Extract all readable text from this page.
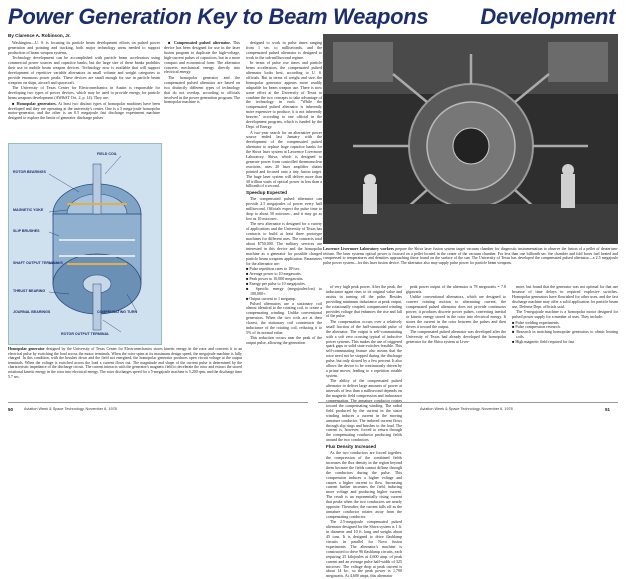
Power Generation Key to Beam Weapons Development
By Clarence A. Robinson, Jr.

Washington—U. S. is focusing its particle beam development efforts on pulsed power generation and pointing and tracking, both major technology areas needed to support production of beam weapon systems.

Technology development can be accomplished with particle beam accelerators using commercial power sources and capacitor banks, but the large size of these banks prohibits their use in mobile beam weapon devices. Technology now is available that will support development of repetitive variable alternators in small volume and weight categories to provide enormous power peaks. These devices are small enough for use in particle beam weapons on ships, aircraft and spacecraft.

The University of Texas Center for Electromechanics in Austin is responsible for developing two types of power devices, which may be used to provide energy for particle beam weapons development (AW&ST Oct. 2, p. 14). They are:

■ Homopolar generators. At least two distinct types of homopolar machines have been developed and they are operating at the university's center. One is a 5 mega-joule homopolar motor-generator, and the other is an 0.5 megajoule fast discharge experiment machine designed to explore the limits of generator discharge pulses

■ Compensated pulsed alternator. This device has been designed for use in the laser fusion program to duplicate the high-voltage, high-current pulses of capacitors, but in a more compact and economical form. The alternator converts mechanical energy directly into electrical energy.

The homopolar generator and the compensated pulsed alternator are based on two distinctly different types of technology that do not overlap, according to officials involved in the power generation program. The homopolar machine is

FIELD COIL
ROTOR BEARINGS
MAGNETIC YOKE
SLIP BRUSHES
SHAFT OUTPUT TERMINALS
THRUST BEARING
JOURNAL BEARINGS	COMPENSATING TURN
ROTOR OUTPUT TERMINAL
Homopolar generator designed by the University of Texas Center for Electromechanics stores kinetic energy in the rotor and converts it to an electrical pulse by switching the load across the motor terminals. When the rotor spins at its maximum design speed, the megajoule machine is fully charged. In this condition, with the brushes down and the field not energized, the homopolar generator produces open circuit voltage at the output terminals. When the voltage is switched across the load a current flows out. The magnitude and shape of the current pulse is determined by the characteristic impedance of the discharge circuit. The current interacts with the generator's magnetic field to decelerate the rotor and extract the stored rotational kinetic energy in the rotor into electrical energy. The rotor discharges speed for a 5-megajoule machine is 5,200 rpm, and the discharge time 5.7 sec.

designed to work in pulse times ranging from 1 sec. to milliseconds, and the compensated pulsed alternator is designed to work in the sub-millisecond regime.

In terms of pulse rise times and particle beam accelerators, the compensated pulsed alternator looks best, according to U. S. officials. But in terms of weight and size, the homopolar generator appears more readily adaptable for beam weapon use. There is now some effort at the University of Texas to combine the two concepts to take advantage of the technology in each. "While the compensated pulsed alternator is inherently more expensive to produce, it is not inherently heavier," according to one official in the development program, which is funded by the Dept. of Energy.

A two-year search for an alternative power source ended last January with the development of the compensated pulsed alternator to replace large capacitor banks for the Shiva laser system at Lawrence Livermore Laboratory. Shiva, which is designed to generate power from controlled thermonuclear reactions, uses 20 laser amplifier chains pointed and focused onto a tiny fusion target. The huge laser system will deliver more than 30 trillion watts of optical power in less than a billionth of a second.

Speedup Expected

The compensated pulsed alternator can provide 2.5 megajoules of power every half millisecond. Officials expect the pulse time to drop to about 50 microsec., and it may go as low as 10 microsec.

The new alternator is designed for a variety of applications and the University of Texas has contracts to build at least three prototype machines for different uses. The contracts total about $750,000. The military services are interested in this device and the homopolar machine as a generator for possible charged particle beam weapons application. Parameters for the alternator are:

■ Pulse repetition rates to 10³/sec.
■ Average power to 10 megawatts.
■ Peak power to 10,000 megawatts.
■ Energy per pulse to 10 megajoules.
■ Specific energy (megajoules/ton) to 100,000+.
■ Output current to 1 megamp.

Pulsed alternators are a stationary coil almost identical to the rotating coil, to create a compensating winding. Unlike conventional generators. When the two coils are at their closest, the stationary coil counteracts the inductance of the rotating coil, reducing it to 5% of its normal value.

This reduction occurs near the peak of the output pulse, allowing the generation

Lawrence Livermore Laboratory workers prepare the Shiva laser fusion system target vacuum chamber for diagnostic instrumentation to observe the fusion of a pellet of deuterium-tritium. The laser systems optical power is focused on a pellet located in the center of the vacuum chamber. For less than one billionth sec. the chamber and fold bores fuel heated and compressed to temperatures and densities approaching those found on the surface of the sun. The University of Texas has developed the compensated pulsed alternator—a 2.5 megajoule pulse power system—for this laser fusion device. The alternator also may supply pulse power for particle beam weapons.

peak power output of the alternator is 78 megawatts = 7.8 gigawatts.

Unlike conventional alternators, which are designed to convert rotating motion to alternating current, the compensated pulsed alternator does not provide continuous power; it produces discrete power pulses, converting inertial or kinetic energy stored in the rotor into electrical energy. It stores the current in the rotor between the pulses and then drives it toward the output.

The compensated pulsed alternator was developed after the University of Texas had already developed the homopolar generator for the Shiva system at Liver-

more, but found that the generator was not optimal for that use because of time delays in required explosive switches. Homopolar generators have flourished for other uses, and the fast discharge machine may offer a solid application for particle beam use, Defense Dept. officials said.

The 5-megajoule machine is a homopolar motor designed for pulsed power supply for a number of uses. They include:

■ Pulse welding experiments.
■ Pulse compression research.
■ Research in matching homopolar generators to ohmic heating coils.
■ High magnetic field required for fast

of very high peak power. After the peak, the inductance again rises to its original value and assists in turning off the pulse. Besides providing minimum inductance at peak output, the rotationally coupled, compensated winding provides voltage that enhances the rise and fall of the pulse.

The compensation occurs over a relatively small fraction of the half-sinusoidal pulse of the alternator. The output is self-commutating with a soft zero crossing typical of inductive power systems. This makes the use of triggered spark gaps or solid state switches feasible. This self-commutating feature also means that the rotor need not be stopped during the discharge pulse, but only slowed by a few percent. It also allows the device to be continuously driven by a prime mover, leading to a repetition rotable system.

The ability of the compensated pulsed alternator to deliver large amounts of power at intervals of less than a millisecond depends on the magnetic field compression and inductance compensation. The armature conductor rotates toward the compensating winding. The radial field produced by the current in the stator winding induces a current in the moving armature conductor. The induced current flows through slip rings and brushes to the load. The current is, however, forced to return through the compensating conductor producing fields around the two conductors.

Flux Density Increased

As the two conductors are forced together, the compression of the combined fields increases the flux density in the region beyond them because the fields cannot diffuse through the conductors during the pulse. This compression induces a higher voltage and causes a higher current to flow. Increasing current further increases the field, inducing more voltage and producing higher current. The result is an exponentially rising current that peaks when the two conductors are nearly opposite. Thereafter, the current falls off as the armature conductor rotates away from the compensating conductor.

The 2.5-megajoule compensated pulsed alternator designed for the Shiva system is 1 ft. in diameter and 10 ft. long and weighs about 45 tons. It is designed to drive flashlamp circuits in parallel for Nova fusion experiments. The alternator's machine is constructed to drive 96 flashlamp circuits, each requiring 25 kilojoules at 4,600 amp. of peak current and an average pulse half-width of 325 microsec. The voltage drop at peak current is about 14 kv., so the peak power is 1,700 megawatts. At 4,600 amps, this alternator

50	Aviation Week & Space Technology, November 6, 1978	Aviation Week & Space Technology, November 6, 1978	51
